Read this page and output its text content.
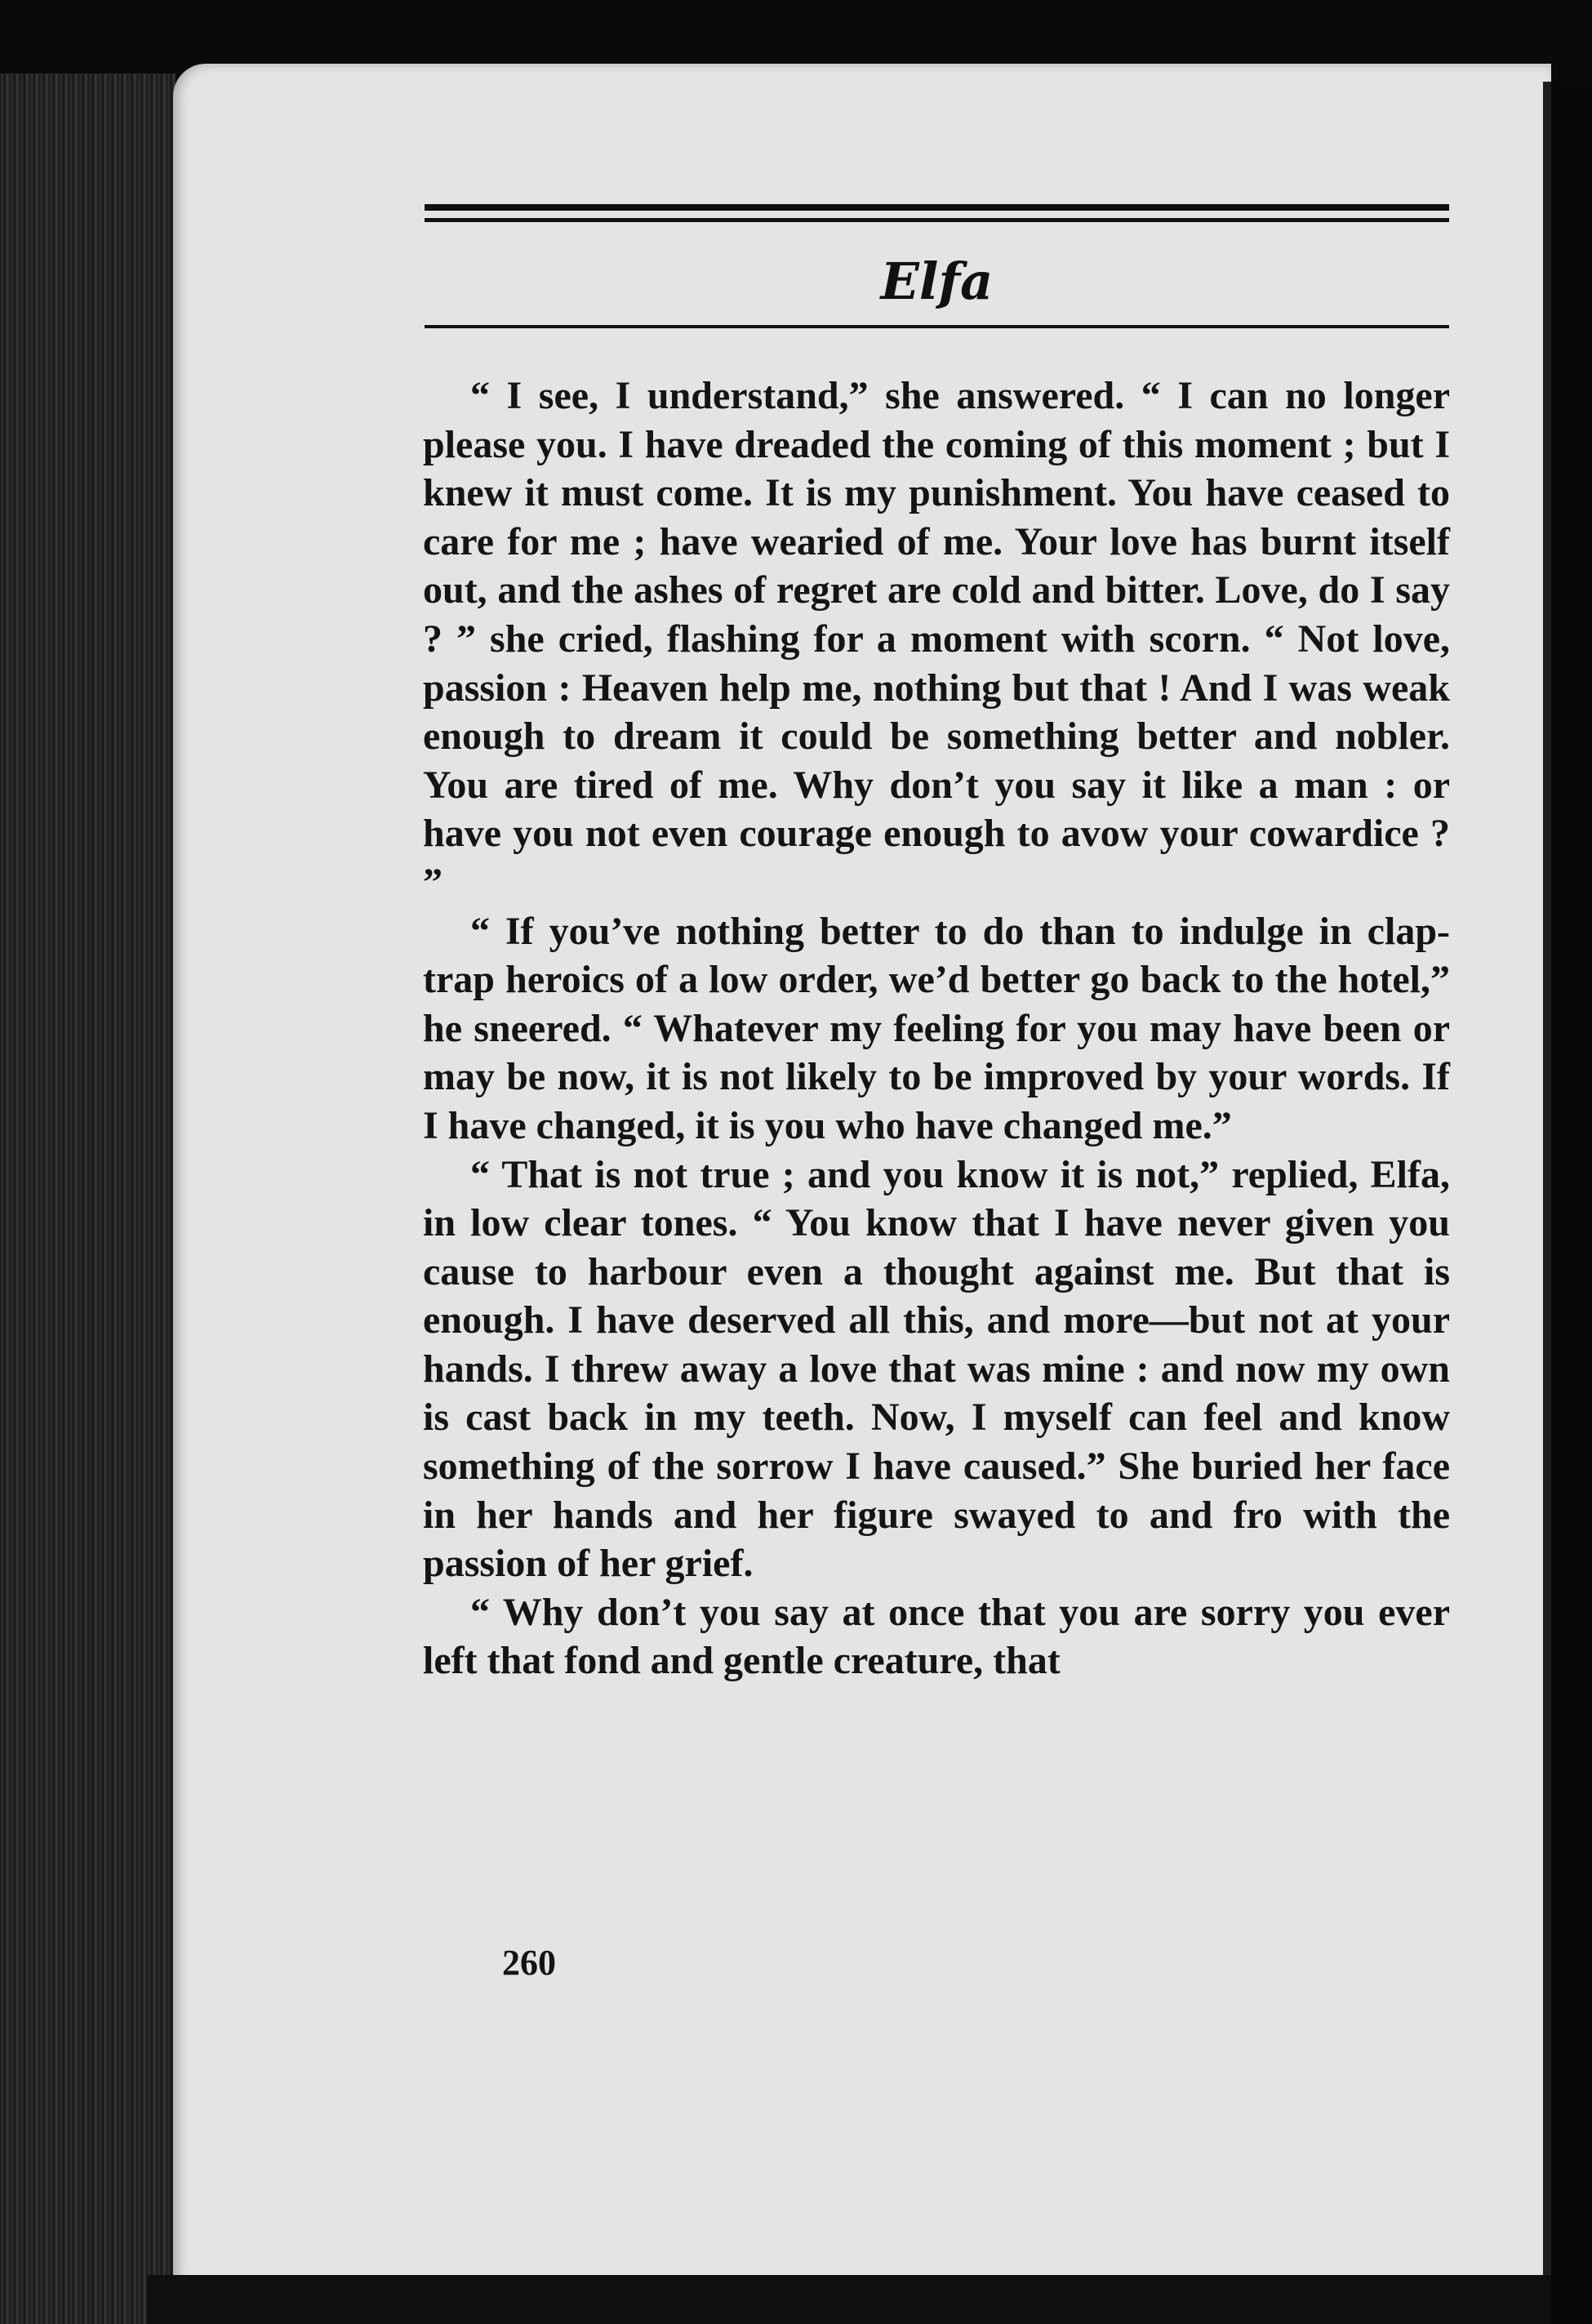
Elfa

“ I see, I understand,” she answered. “ I can no longer please you. I have dreaded the coming of this moment ; but I knew it must come. It is my punishment. You have ceased to care for me ; have wearied of me. Your love has burnt itself out, and the ashes of regret are cold and bitter. Love, do I say ? ” she cried, flashing for a moment with scorn. “ Not love, passion : Heaven help me, nothing but that ! And I was weak enough to dream it could be something better and nobler. You are tired of me. Why don’t you say it like a man : or have you not even courage enough to avow your cowardice ? ”

“ If you’ve nothing better to do than to indulge in clap-trap heroics of a low order, we’d better go back to the hotel,” he sneered. “ Whatever my feeling for you may have been or may be now, it is not likely to be improved by your words. If I have changed, it is you who have changed me.”

“ That is not true ; and you know it is not,” replied, Elfa, in low clear tones. “ You know that I have never given you cause to harbour even a thought against me. But that is enough. I have deserved all this, and more—but not at your hands. I threw away a love that was mine : and now my own is cast back in my teeth. Now, I myself can feel and know something of the sorrow I have caused.” She buried her face in her hands and her figure swayed to and fro with the passion of her grief.

“ Why don’t you say at once that you are sorry you ever left that fond and gentle creature, that

260
